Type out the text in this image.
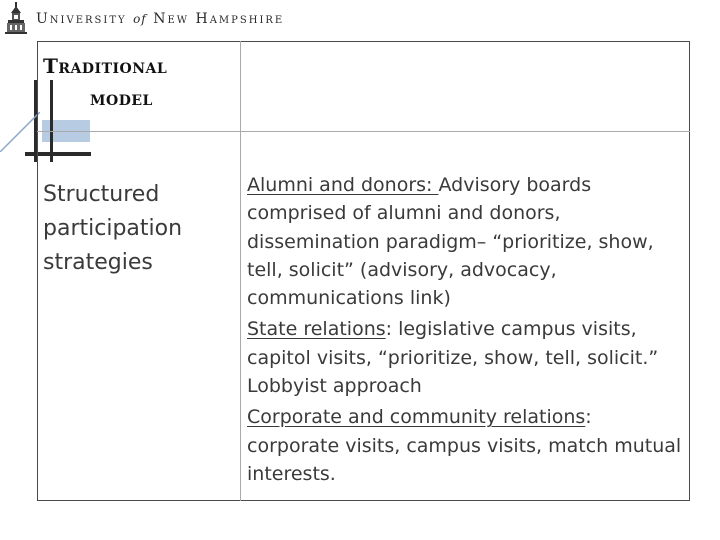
University of New Hampshire
Traditional
model
Structured
participation
strategies

Alumni and donors: Advisory boards comprised of alumni and donors, dissemination paradigm– “prioritize, show, tell, solicit” (advisory, advocacy, communications link)

State relations: legislative campus visits, capitol visits, “prioritize, show, tell, solicit.” Lobbyist approach

Corporate and community relations: corporate visits, campus visits, match mutual interests.
